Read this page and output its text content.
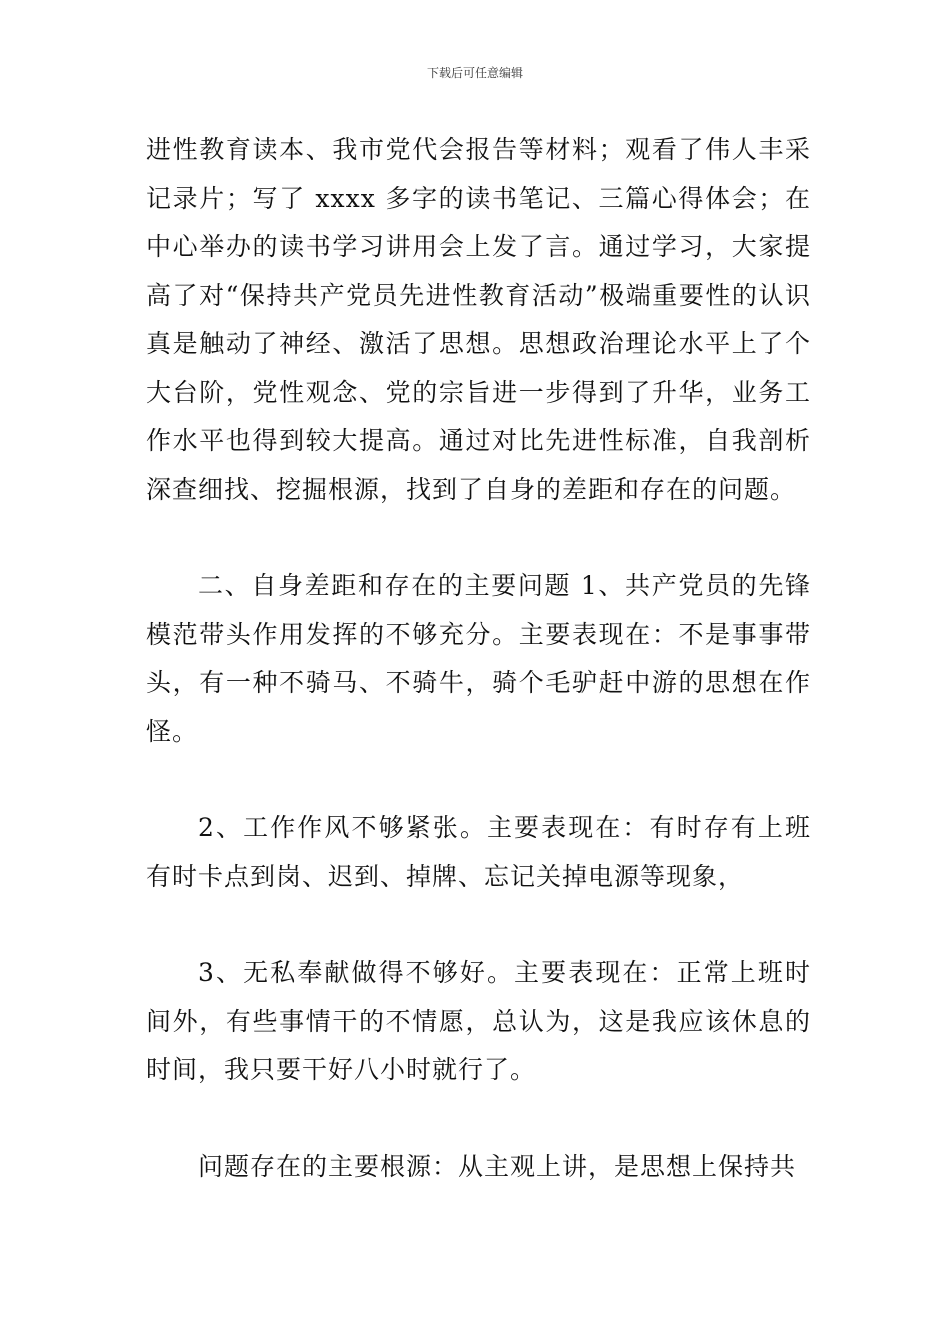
下载后可任意编辑

进性教育读本、我市党代会报告等材料；观看了伟人丰采记录片；写了 xxxx 多字的读书笔记、三篇心得体会；在中心举办的读书学习讲用会上发了言。通过学习，大家提高了对“保持共产党员先进性教育活动”极端重要性的认识真是触动了神经、激活了思想。思想政治理论水平上了个大台阶，党性观念、党的宗旨进一步得到了升华，业务工作水平也得到较大提高。通过对比先进性标准，自我剖析深查细找、挖掘根源，找到了自身的差距和存在的问题。

二、自身差距和存在的主要问题 1、共产党员的先锋模范带头作用发挥的不够充分。主要表现在：不是事事带头，有一种不骑马、不骑牛，骑个毛驴赶中游的思想在作怪。

2、工作作风不够紧张。主要表现在：有时存有上班有时卡点到岗、迟到、掉牌、忘记关掉电源等现象，

3、无私奉献做得不够好。主要表现在：正常上班时间外，有些事情干的不情愿，总认为，这是我应该休息的时间，我只要干好八小时就行了。

问题存在的主要根源：从主观上讲，是思想上保持共
